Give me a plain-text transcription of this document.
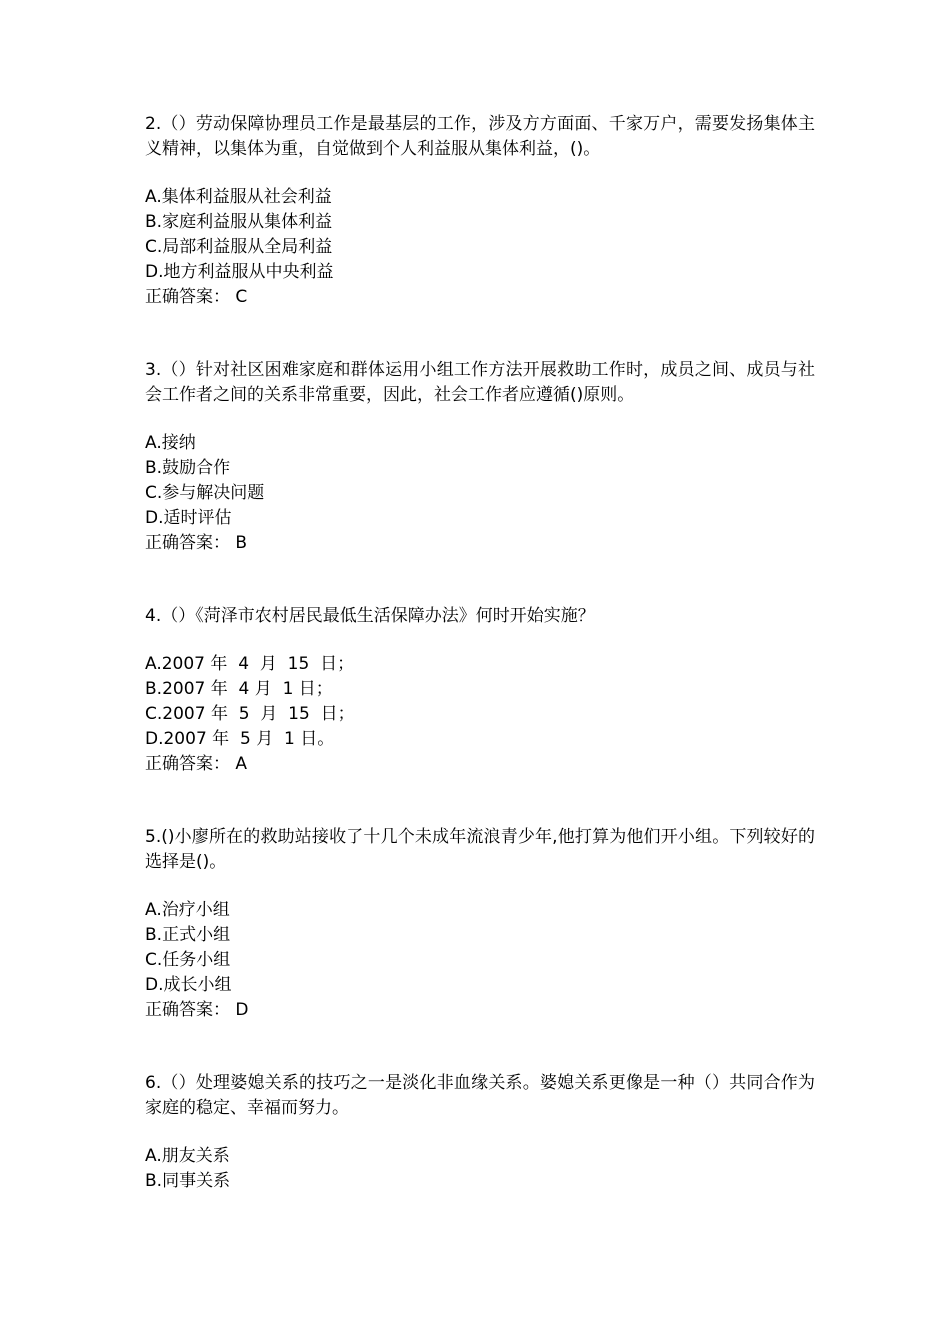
2.（）劳动保障协理员工作是最基层的工作，涉及方方面面、千家万户，需要发扬集体主义精神，以集体为重，自觉做到个人利益服从集体利益，()。

A.集体利益服从社会利益

B.家庭利益服从集体利益

C.局部利益服从全局利益

D.地方利益服从中央利益

正确答案： C

3.（）针对社区困难家庭和群体运用小组工作方法开展救助工作时，成员之间、成员与社会工作者之间的关系非常重要，因此，社会工作者应遵循()原则。

A.接纳

B.鼓励合作

C.参与解决问题

D.适时评估

正确答案： B

4.（）《菏泽市农村居民最低生活保障办法》何时开始实施？

A.2007 年  4  月  15  日；

B.2007 年  4 月  1 日；

C.2007 年  5  月  15  日；

D.2007 年  5 月  1 日。

正确答案： A

5.()小廖所在的救助站接收了十几个未成年流浪青少年,他打算为他们开小组。下列较好的选择是()。

A.治疗小组

B.正式小组

C.任务小组

D.成长小组

正确答案： D

6.（）处理婆媳关系的技巧之一是淡化非血缘关系。婆媳关系更像是一种（）共同合作为家庭的稳定、幸福而努力。

A.朋友关系

B.同事关系
